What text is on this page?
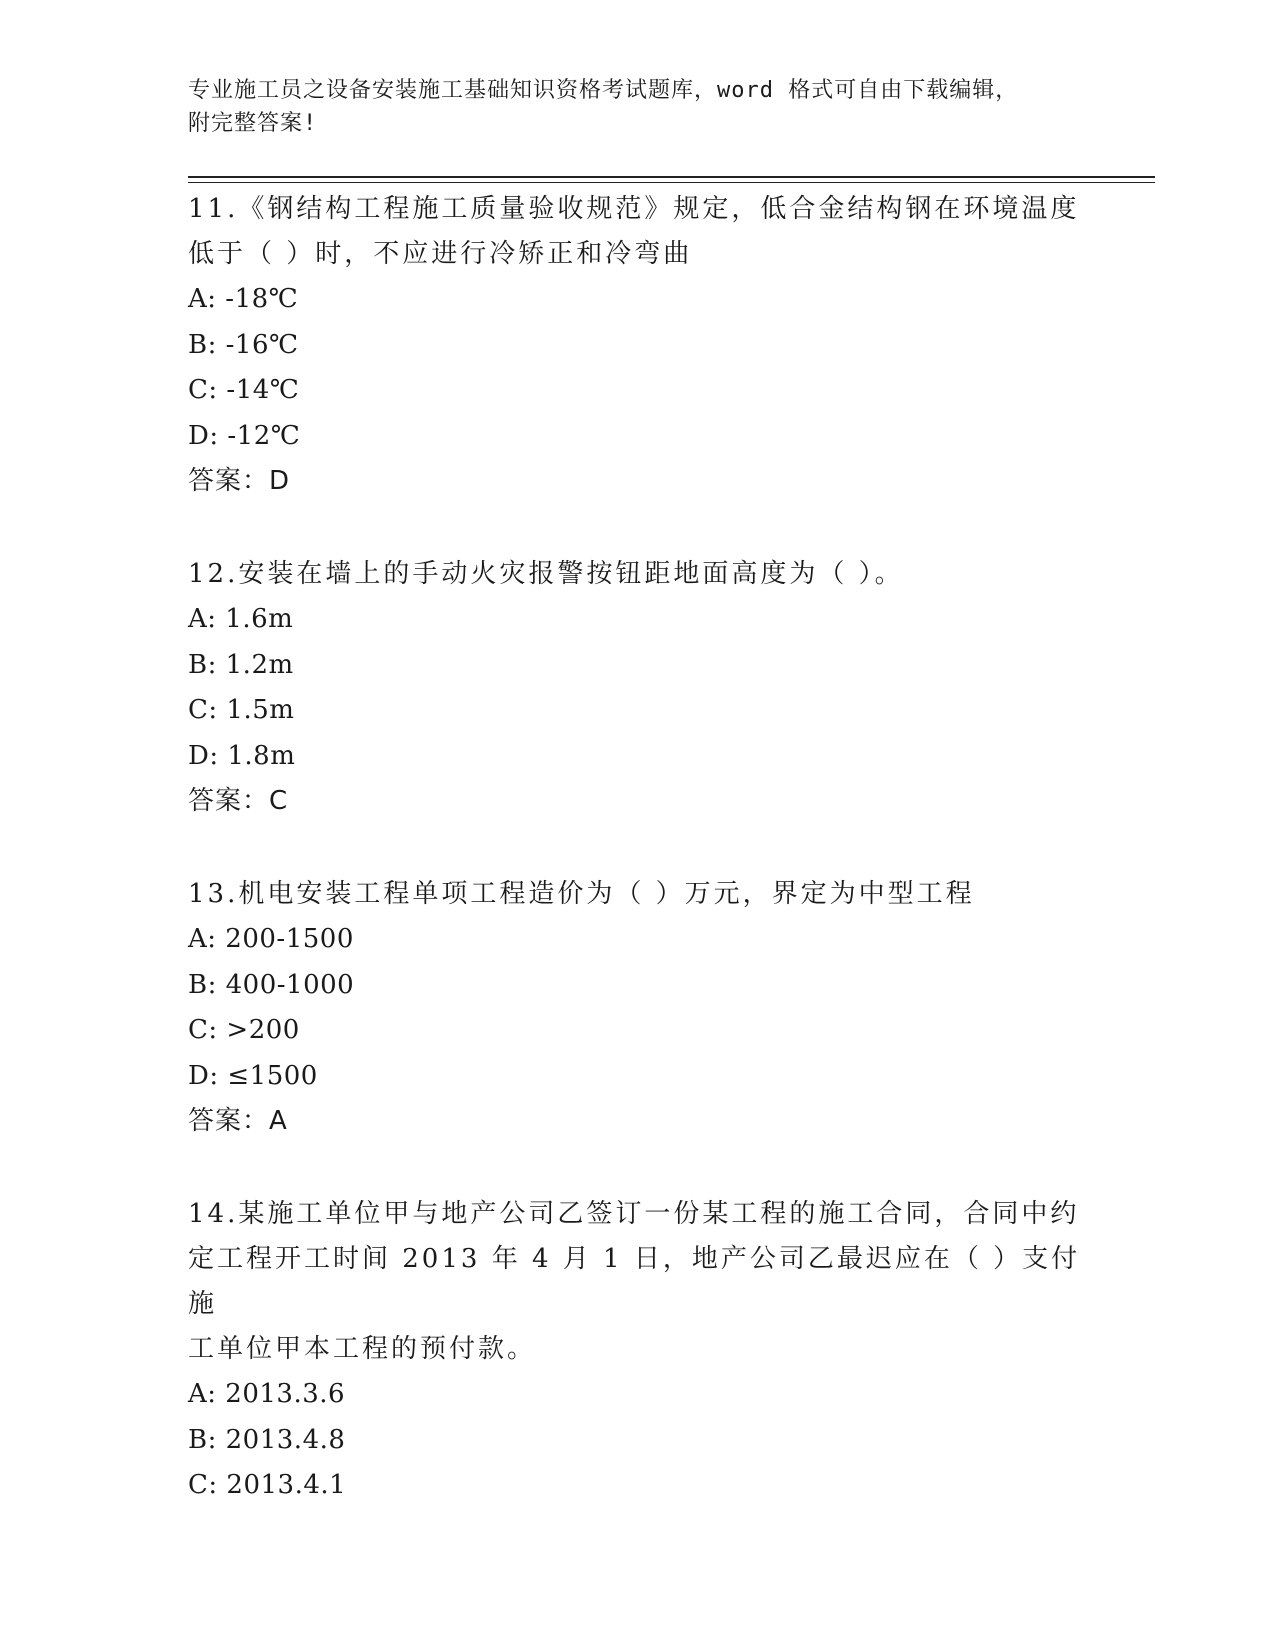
专业施工员之设备安装施工基础知识资格考试题库，word 格式可自由下载编辑，
附完整答案!

11.《钢结构工程施工质量验收规范》规定，低合金结构钢在环境温度

低于（ ）时，不应进行冷矫正和冷弯曲

A: -18℃

B: -16℃

C: -14℃

D: -12℃

答案：D

12.安装在墙上的手动火灾报警按钮距地面高度为（ ）。

A: 1.6m

B: 1.2m

C: 1.5m

D: 1.8m

答案：C

13.机电安装工程单项工程造价为（ ）万元，界定为中型工程

A: 200-1500

B: 400-1000

C: >200

D: ≤1500

答案：A

14.某施工单位甲与地产公司乙签订一份某工程的施工合同，合同中约

定工程开工时间 2013 年 4 月 1 日，地产公司乙最迟应在（ ）支付施

工单位甲本工程的预付款。

A: 2013.3.6

B: 2013.4.8

C: 2013.4.1
